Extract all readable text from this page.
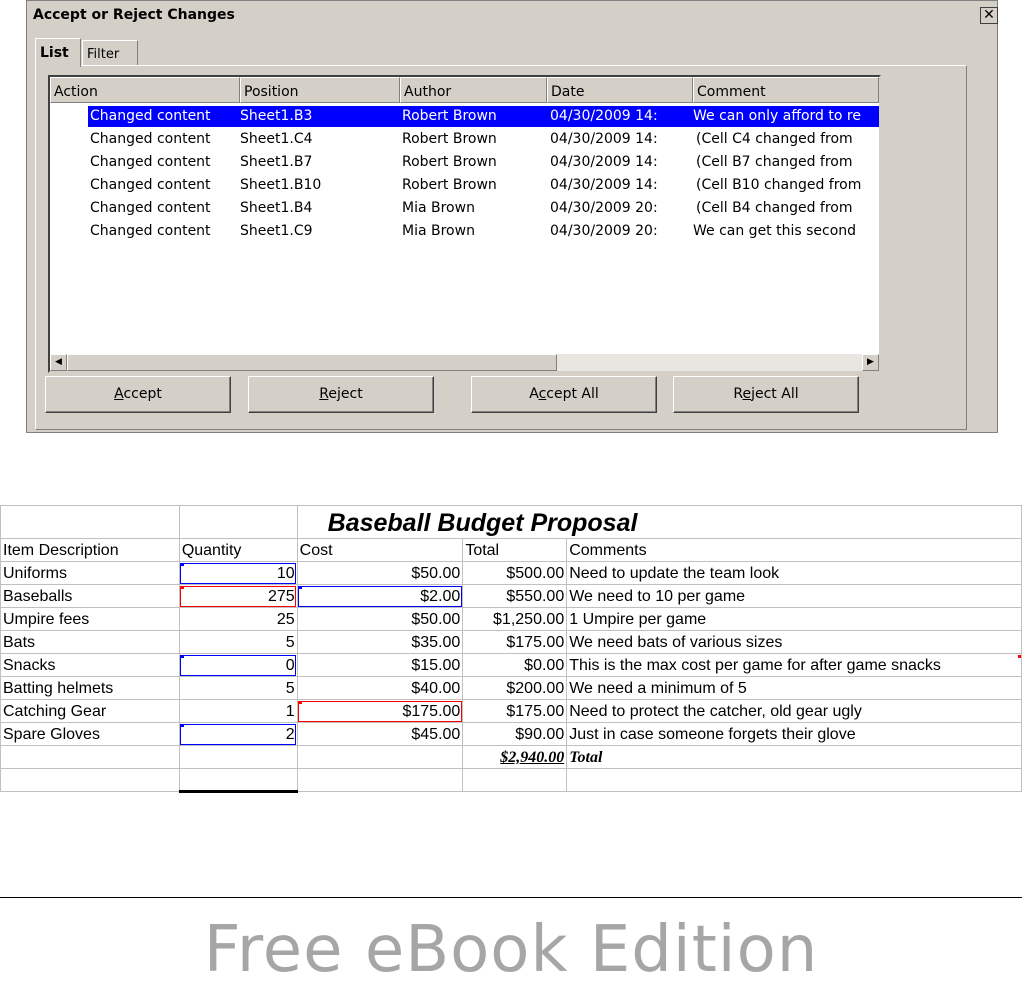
Accept or Reject Changes	✕
List	Filter
Action	Position	Author	Date	Comment
Changed content Sheet1.B3	Robert Brown	04/30/2009 14:	We can only afford to re
Changed content Sheet1.C4	Robert Brown	04/30/2009 14:	(Cell C4 changed from
Changed content Sheet1.B7	Robert Brown	04/30/2009 14:	(Cell B7 changed from
Changed content Sheet1.B10	Robert Brown	04/30/2009 14:	(Cell B10 changed from
Changed content Sheet1.B4	Mia Brown	04/30/2009 20:	(Cell B4 changed from
Changed content Sheet1.C9	Mia Brown	04/30/2009 20:	We can get this second
◀	▶
Accept	Reject	Accept All	Reject All
		Baseball Budget Proposal		
Item Description	Quantity	Cost	Total	Comments
Uniforms	10	$50.00	$500.00	Need to update the team look
Baseballs	275	$2.00	$550.00	We need to 10 per game
Umpire fees	25	$50.00	$1,250.00	1 Umpire per game
Bats	5	$35.00	$175.00	We need bats of various sizes
Snacks	0	$15.00	$0.00	This is the max cost per game for after game snacks

Batting helmets	5	$40.00	$200.00	We need a minimum of 5
Catching Gear	1	$175.00	$175.00	Need to protect the catcher, old gear ugly
Spare Gloves	2	$45.00	$90.00	Just in case someone forgets their glove
			$2,940.00	Total

Free eBook Edition
